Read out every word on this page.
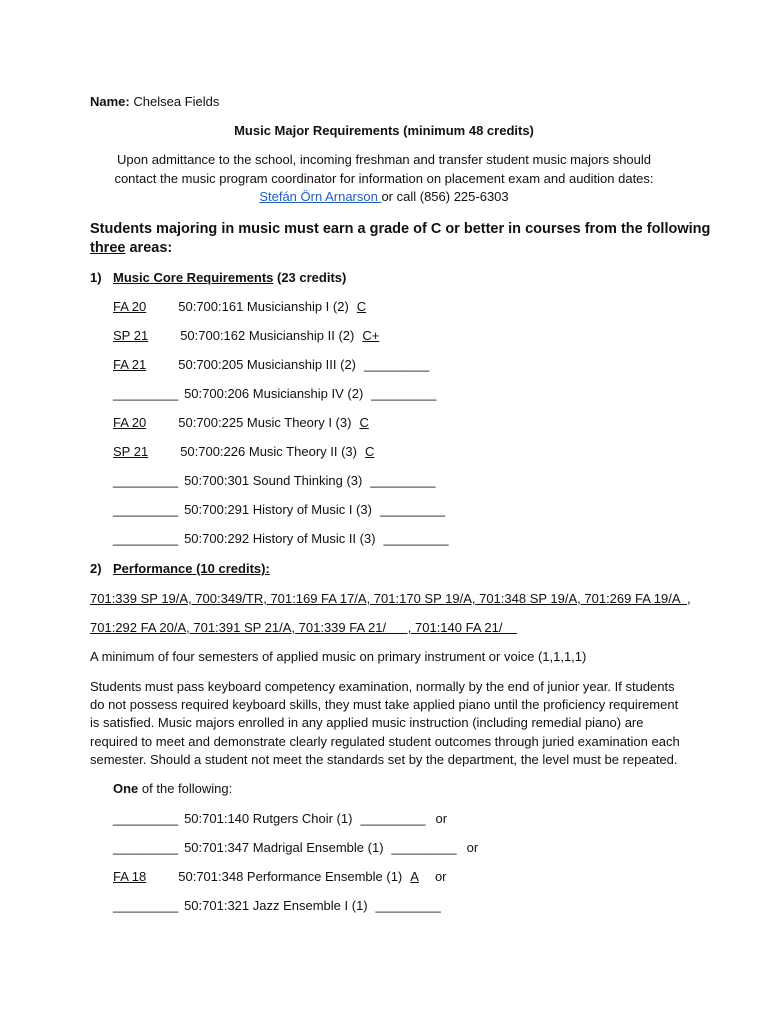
Name: Chelsea Fields
Music Major Requirements (minimum 48 credits)
Upon admittance to the school, incoming freshman and transfer student music majors should
contact the music program coordinator for information on placement exam and audition dates:
Stefán Örn Arnarson or call (856) 225-6303
Students majoring in music must earn a grade of C or better in courses from the following
three areas:
1) Music Core Requirements (23 credits)
FA 20 50:700:161 Musicianship I (2) C
SP 21 50:700:162 Musicianship II (2) C+
FA 21 50:700:205 Musicianship III (2) _________
_________ 50:700:206 Musicianship IV (2) _________
FA 20 50:700:225 Music Theory I (3) C
SP 21 50:700:226 Music Theory II (3) C
_________ 50:700:301 Sound Thinking (3) _________
_________ 50:700:291 History of Music I (3) _________
_________ 50:700:292 History of Music II (3) _________
2) Performance (10 credits):
701:339 SP 19/A, 700:349/TR, 701:169 FA 17/A, 701:170 SP 19/A, 701:348 SP 19/A, 701:269 FA 19/A  ,
701:292 FA 20/A, 701:391 SP 21/A, 701:339 FA 21/      , 701:140 FA 21/
A minimum of four semesters of applied music on primary instrument or voice (1,1,1,1)
Students must pass keyboard competency examination, normally by the end of junior year. If students
do not possess required keyboard skills, they must take applied piano until the proficiency requirement
is satisfied. Music majors enrolled in any applied music instruction (including remedial piano) are
required to meet and demonstrate clearly regulated student outcomes through juried examination each
semester. Should a student not meet the standards set by the department, the level must be repeated.
One of the following:
_________ 50:701:140 Rutgers Choir (1) _________ or
_________ 50:701:347 Madrigal Ensemble (1) _________ or
FA 18 50:701:348 Performance Ensemble (1) A or
_________ 50:701:321 Jazz Ensemble I (1) _________
